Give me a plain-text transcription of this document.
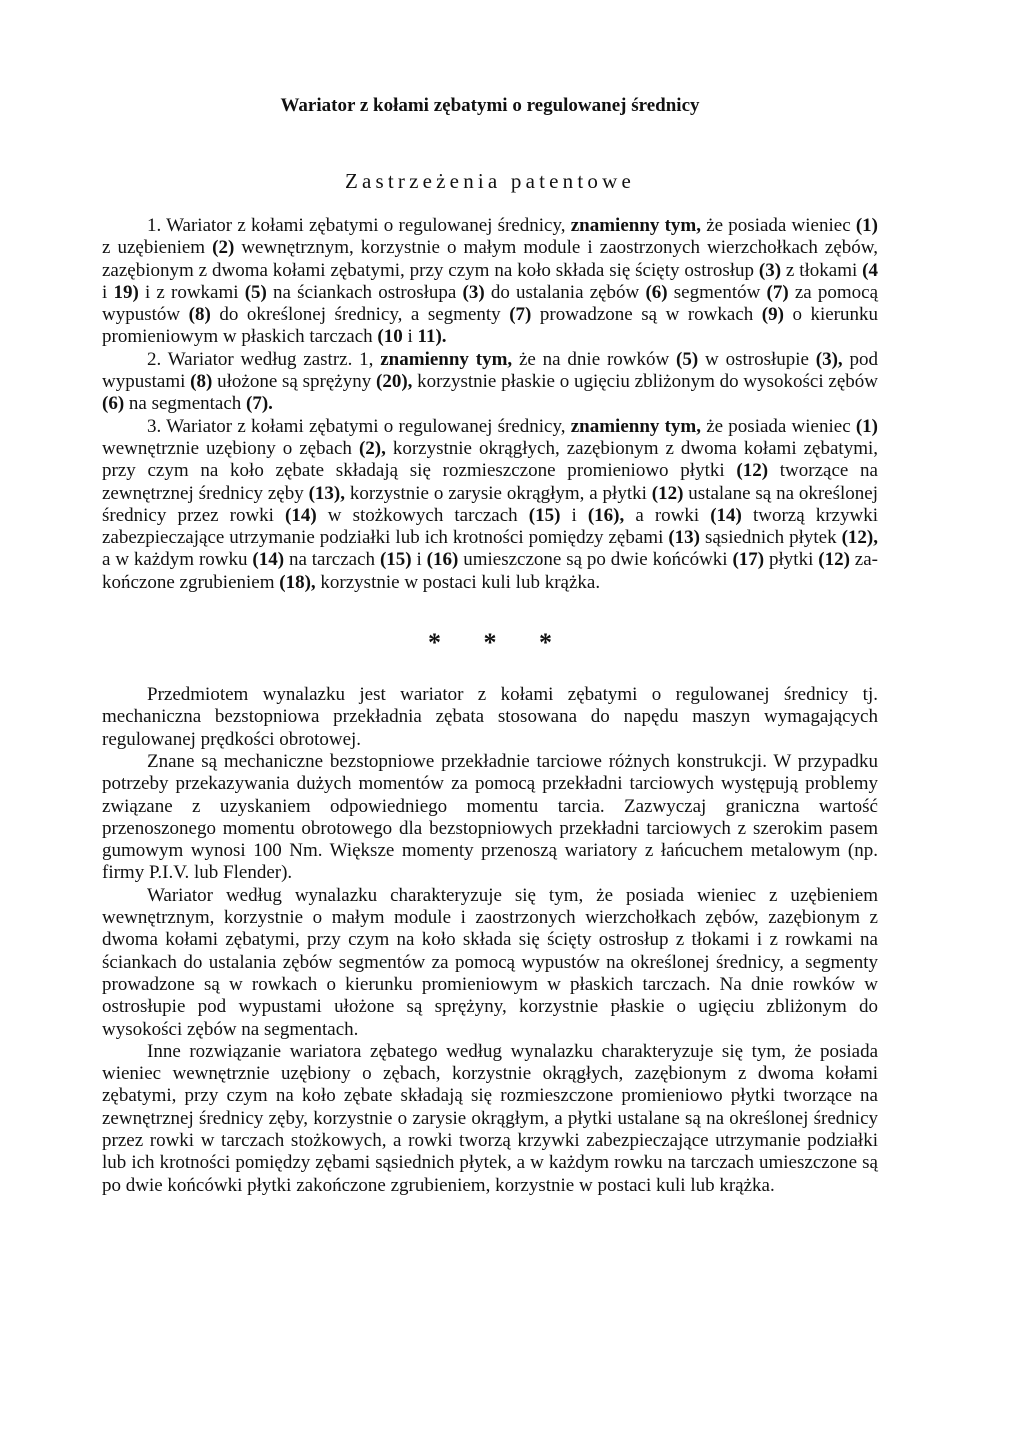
Wariator z kołami zębatymi o regulowanej średnicy
Zastrzeżenia patentowe

1. Wariator z kołami zębatymi o regulowanej średnicy, znamienny tym, że posiada wieniec (1) z uzębieniem (2) wewnętrznym, korzystnie o małym module i zaostrzonych wierzchołkach zębów, zazębionym z dwoma kołami zębatymi, przy czym na koło składa się ścięty ostrosłup (3) z tłokami (4 i 19) i z rowkami (5) na ściankach ostrosłupa (3) do ustalania zębów (6) segmentów (7) za pomocą wypustów (8) do określonej średnicy, a segmenty (7) prowadzone są w rowkach (9) o kierunku promieniowym w płaskich tarczach (10 i 11).

2. Wariator według zastrz. 1, znamienny tym, że na dnie rowków (5) w ostrosłupie (3), pod wypustami (8) ułożone są sprężyny (20), korzystnie płaskie o ugięciu zbliżonym do wysokości zębów (6) na segmentach (7).

3. Wariator z kołami zębatymi o regulowanej średnicy, znamienny tym, że posiada wieniec (1) wewnętrznie uzębiony o zębach (2), korzystnie okrągłych, zazębionym z dwoma kołami zębatymi, przy czym na koło zębate składają się rozmieszczone promieniowo płytki (12) tworzące na zewnętrznej średnicy zęby (13), korzystnie o zarysie okrągłym, a płytki (12) ustalane są na określonej średnicy przez rowki (14) w stożkowych tarczach (15) i (16), a rowki (14) tworzą krzywki zabezpieczające utrzymanie podziałki lub ich krotności pomiędzy zębami (13) sąsiednich płytek (12), a w każdym rowku (14) na tarczach (15) i (16) umieszczone są po dwie końcówki (17) płytki (12) zakończone zgrubieniem (18), korzystnie w postaci kuli lub krążka.

* * *

Przedmiotem wynalazku jest wariator z kołami zębatymi o regulowanej średnicy tj. mechaniczna bezstopniowa przekładnia zębata stosowana do napędu maszyn wymagających regulowanej prędkości obrotowej.

Znane są mechaniczne bezstopniowe przekładnie tarciowe różnych konstrukcji. W przypadku potrzeby przekazywania dużych momentów za pomocą przekładni tarciowych występują problemy związane z uzyskaniem odpowiedniego momentu tarcia. Zazwyczaj graniczna wartość przenoszonego momentu obrotowego dla bezstopniowych przekładni tarciowych z szerokim pasem gumowym wynosi 100 Nm. Większe momenty przenoszą wariatory z łańcuchem metalowym (np. firmy P.I.V. lub Flender).

Wariator według wynalazku charakteryzuje się tym, że posiada wieniec z uzębieniem wewnętrznym, korzystnie o małym module i zaostrzonych wierzchołkach zębów, zazębionym z dwoma kołami zębatymi, przy czym na koło składa się ścięty ostrosłup z tłokami i z rowkami na ściankach do ustalania zębów segmentów za pomocą wypustów na określonej średnicy, a segmenty prowadzone są w rowkach o kierunku promieniowym w płaskich tarczach. Na dnie rowków w ostrosłupie pod wypustami ułożone są sprężyny, korzystnie płaskie o ugięciu zbliżonym do wysokości zębów na segmentach.

Inne rozwiązanie wariatora zębatego według wynalazku charakteryzuje się tym, że posiada wieniec wewnętrznie uzębiony o zębach, korzystnie okrągłych, zazębionym z dwoma kołami zębatymi, przy czym na koło zębate składają się rozmieszczone promieniowo płytki tworzące na zewnętrznej średnicy zęby, korzystnie o zarysie okrągłym, a płytki ustalane są na określonej średnicy przez rowki w tarczach stożkowych, a rowki tworzą krzywki zabezpieczające utrzymanie podziałki lub ich krotności pomiędzy zębami sąsiednich płytek, a w każdym rowku na tarczach umieszczone są po dwie końcówki płytki zakończone zgrubieniem, korzystnie w postaci kuli lub krążka.
